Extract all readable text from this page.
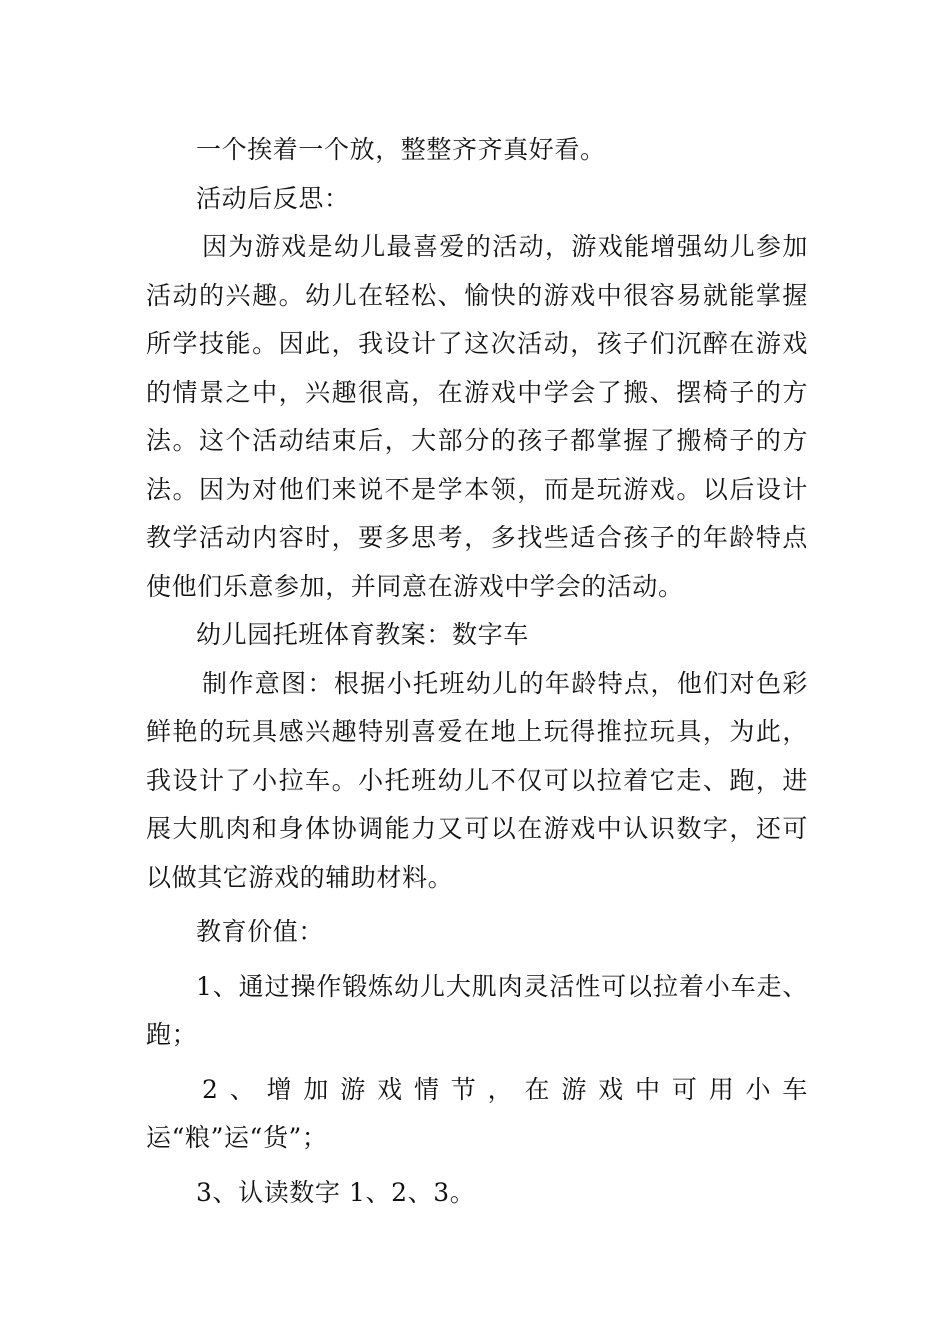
一个挨着一个放，整整齐齐真好看。

活动后反思：

因为游戏是幼儿最喜爱的活动，游戏能增强幼儿参加活动的兴趣。幼儿在轻松、愉快的游戏中很容易就能掌握所学技能。因此，我设计了这次活动，孩子们沉醉在游戏的情景之中，兴趣很高，在游戏中学会了搬、摆椅子的方法。这个活动结束后，大部分的孩子都掌握了搬椅子的方法。因为对他们来说不是学本领，而是玩游戏。以后设计教学活动内容时，要多思考，多找些适合孩子的年龄特点使他们乐意参加，并同意在游戏中学会的活动。

幼儿园托班体育教案：数字车

制作意图：根据小托班幼儿的年龄特点，他们对色彩鲜艳的玩具感兴趣特别喜爱在地上玩得推拉玩具，为此，我设计了小拉车。小托班幼儿不仅可以拉着它走、跑，进展大肌肉和身体协调能力又可以在游戏中认识数字，还可以做其它游戏的辅助材料。

教育价值：

1、通过操作锻炼幼儿大肌肉灵活性可以拉着小车走、跑；

2、增加游戏情节，在游戏中可用小车运“粮”运“货”；

3、认读数字 1、2、3。
